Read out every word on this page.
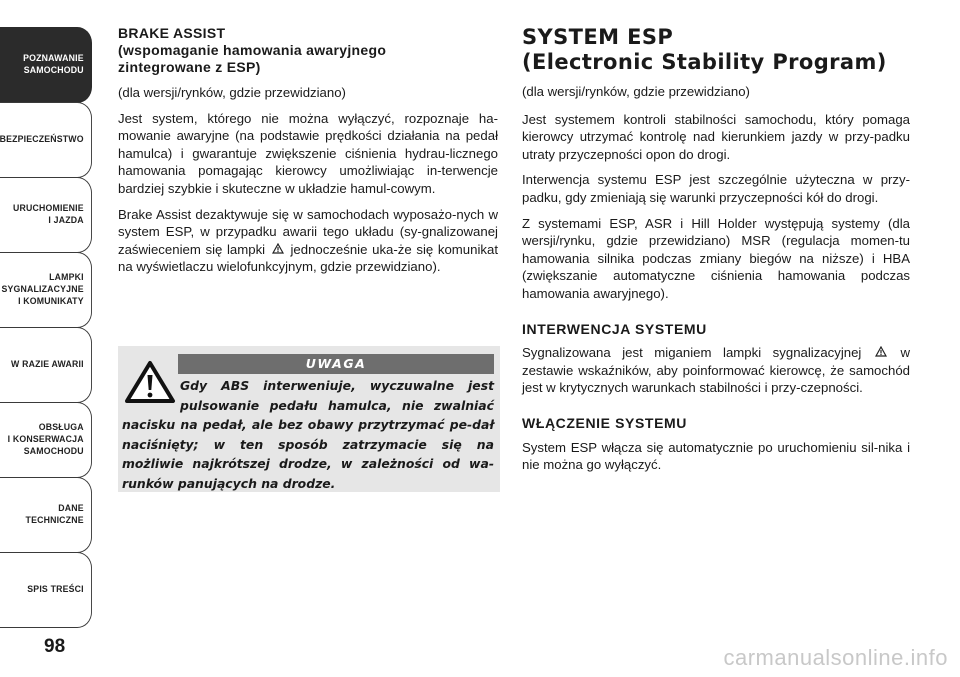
POZNAWANIE
SAMOCHODU
BEZPIECZEŃSTWO
URUCHOMIENIE
I JAZDA
LAMPKI
SYGNALIZACYJNE
I KOMUNIKATY
W RAZIE AWARII
OBSŁUGA
I KONSERWACJA
SAMOCHODU
DANE
TECHNICZNE
SPIS TREŚCI
98

BRAKE ASSIST
(wspomaganie hamowania awaryjnego
zintegrowane z ESP)

(dla wersji/rynków, gdzie przewidziano)

Jest system, którego nie można wyłączyć, rozpoznaje ha-mowanie awaryjne (na podstawie prędkości działania na pedał hamulca) i gwarantuje zwiększenie ciśnienia hydrau-licznego hamowania pomagając kierowcy umożliwiając in-terwencje bardziej szybkie i skuteczne w układzie hamul-cowym.

Brake Assist dezaktywuje się w samochodach wyposażo-nych w system ESP, w przypadku awarii tego układu (sy-gnalizowanej zaświeceniem się lampki jednocześnie uka-że się komunikat na wyświetlaczu wielofunkcyjnym, gdzie przewidziano).

UWAGA
Gdy ABS interweniuje, wyczuwalne jest pulsowanie pedału hamulca, nie zwalniać nacisku na pedał, ale bez obawy przytrzymać pe-dał naciśnięty; w ten sposób zatrzymacie się na możliwie najkrótszej drodze, w zależności od wa-runków panujących na drodze.

SYSTEM ESP
(Electronic Stability Program)

(dla wersji/rynków, gdzie przewidziano)

Jest systemem kontroli stabilności samochodu, który pomaga kierowcy utrzymać kontrolę nad kierunkiem jazdy w przy-padku utraty przyczepności opon do drogi.

Interwencja systemu ESP jest szczególnie użyteczna w przy-padku, gdy zmieniają się warunki przyczepności kół do drogi.

Z systemami ESP, ASR i Hill Holder występują systemy (dla wersji/rynku, gdzie przewidziano) MSR (regulacja momen-tu hamowania silnika podczas zmiany biegów na niższe) i HBA (zwiększanie automatyczne ciśnienia hamowania podczas hamowania awaryjnego).

INTERWENCJA SYSTEMU

Sygnalizowana jest miganiem lampki sygnalizacyjnej	w zestawie wskaźników, aby poinformować kierowcę, że samochód jest w krytycznych warunkach stabilności i przy-czepności.

WŁĄCZENIE SYSTEMU

System ESP włącza się automatycznie po uruchomieniu sil-nika i nie można go wyłączyć.

carmanualsonline.info
